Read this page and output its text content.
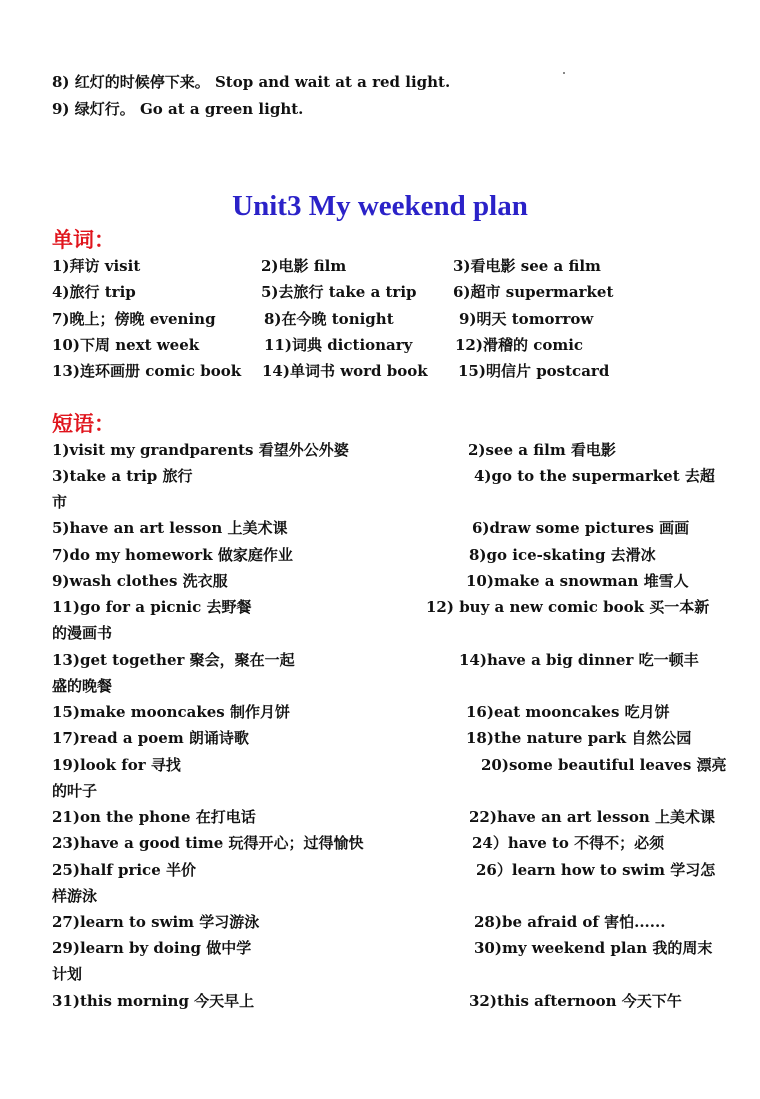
8) 红灯的时候停下来。 Stop and wait at a red light.
9) 绿灯行。 Go at a green light.
Unit3 My weekend plan
单词：
1)拜访 visit	2)电影 film	3)看电影 see a film
4)旅行 trip	5)去旅行 take a trip 6)超市 supermarket
7)晚上；傍晚 evening	8)在今晚 tonight	9)明天 tomorrow
10)下周 next week	11)词典 dictionary	12)滑稽的 comic
13)连环画册 comic book 14)单词书 word book 15)明信片 postcard
短语：
1)visit my grandparents 看望外公外婆	2)see a film 看电影
3)take a trip 旅行	4)go to the supermarket 去超
市
5)have an art lesson 上美术课	6)draw some pictures 画画
7)do my homework 做家庭作业	8)go ice-skating 去滑冰
9)wash clothes 洗衣服	10)make a snowman 堆雪人
11)go for a picnic 去野餐	12) buy a new comic book 买一本新
的漫画书
13)get together 聚会，聚在一起	14)have a big dinner 吃一顿丰
盛的晚餐
15)make mooncakes 制作月饼	16)eat mooncakes 吃月饼
17)read a poem 朗诵诗歌	18)the nature park 自然公园
19)look for 寻找	20)some beautiful leaves 漂亮
的叶子
21)on the phone 在打电话	22)have an art lesson 上美术课
23)have a good time 玩得开心；过得愉快	24）have to 不得不；必须
25)half price 半价	26）learn how to swim 学习怎
样游泳
27)learn to swim 学习游泳	28)be afraid of 害怕......
29)learn by doing 做中学	30)my weekend plan 我的周末
计划
31)this morning 今天早上	32)this afternoon 今天下午
